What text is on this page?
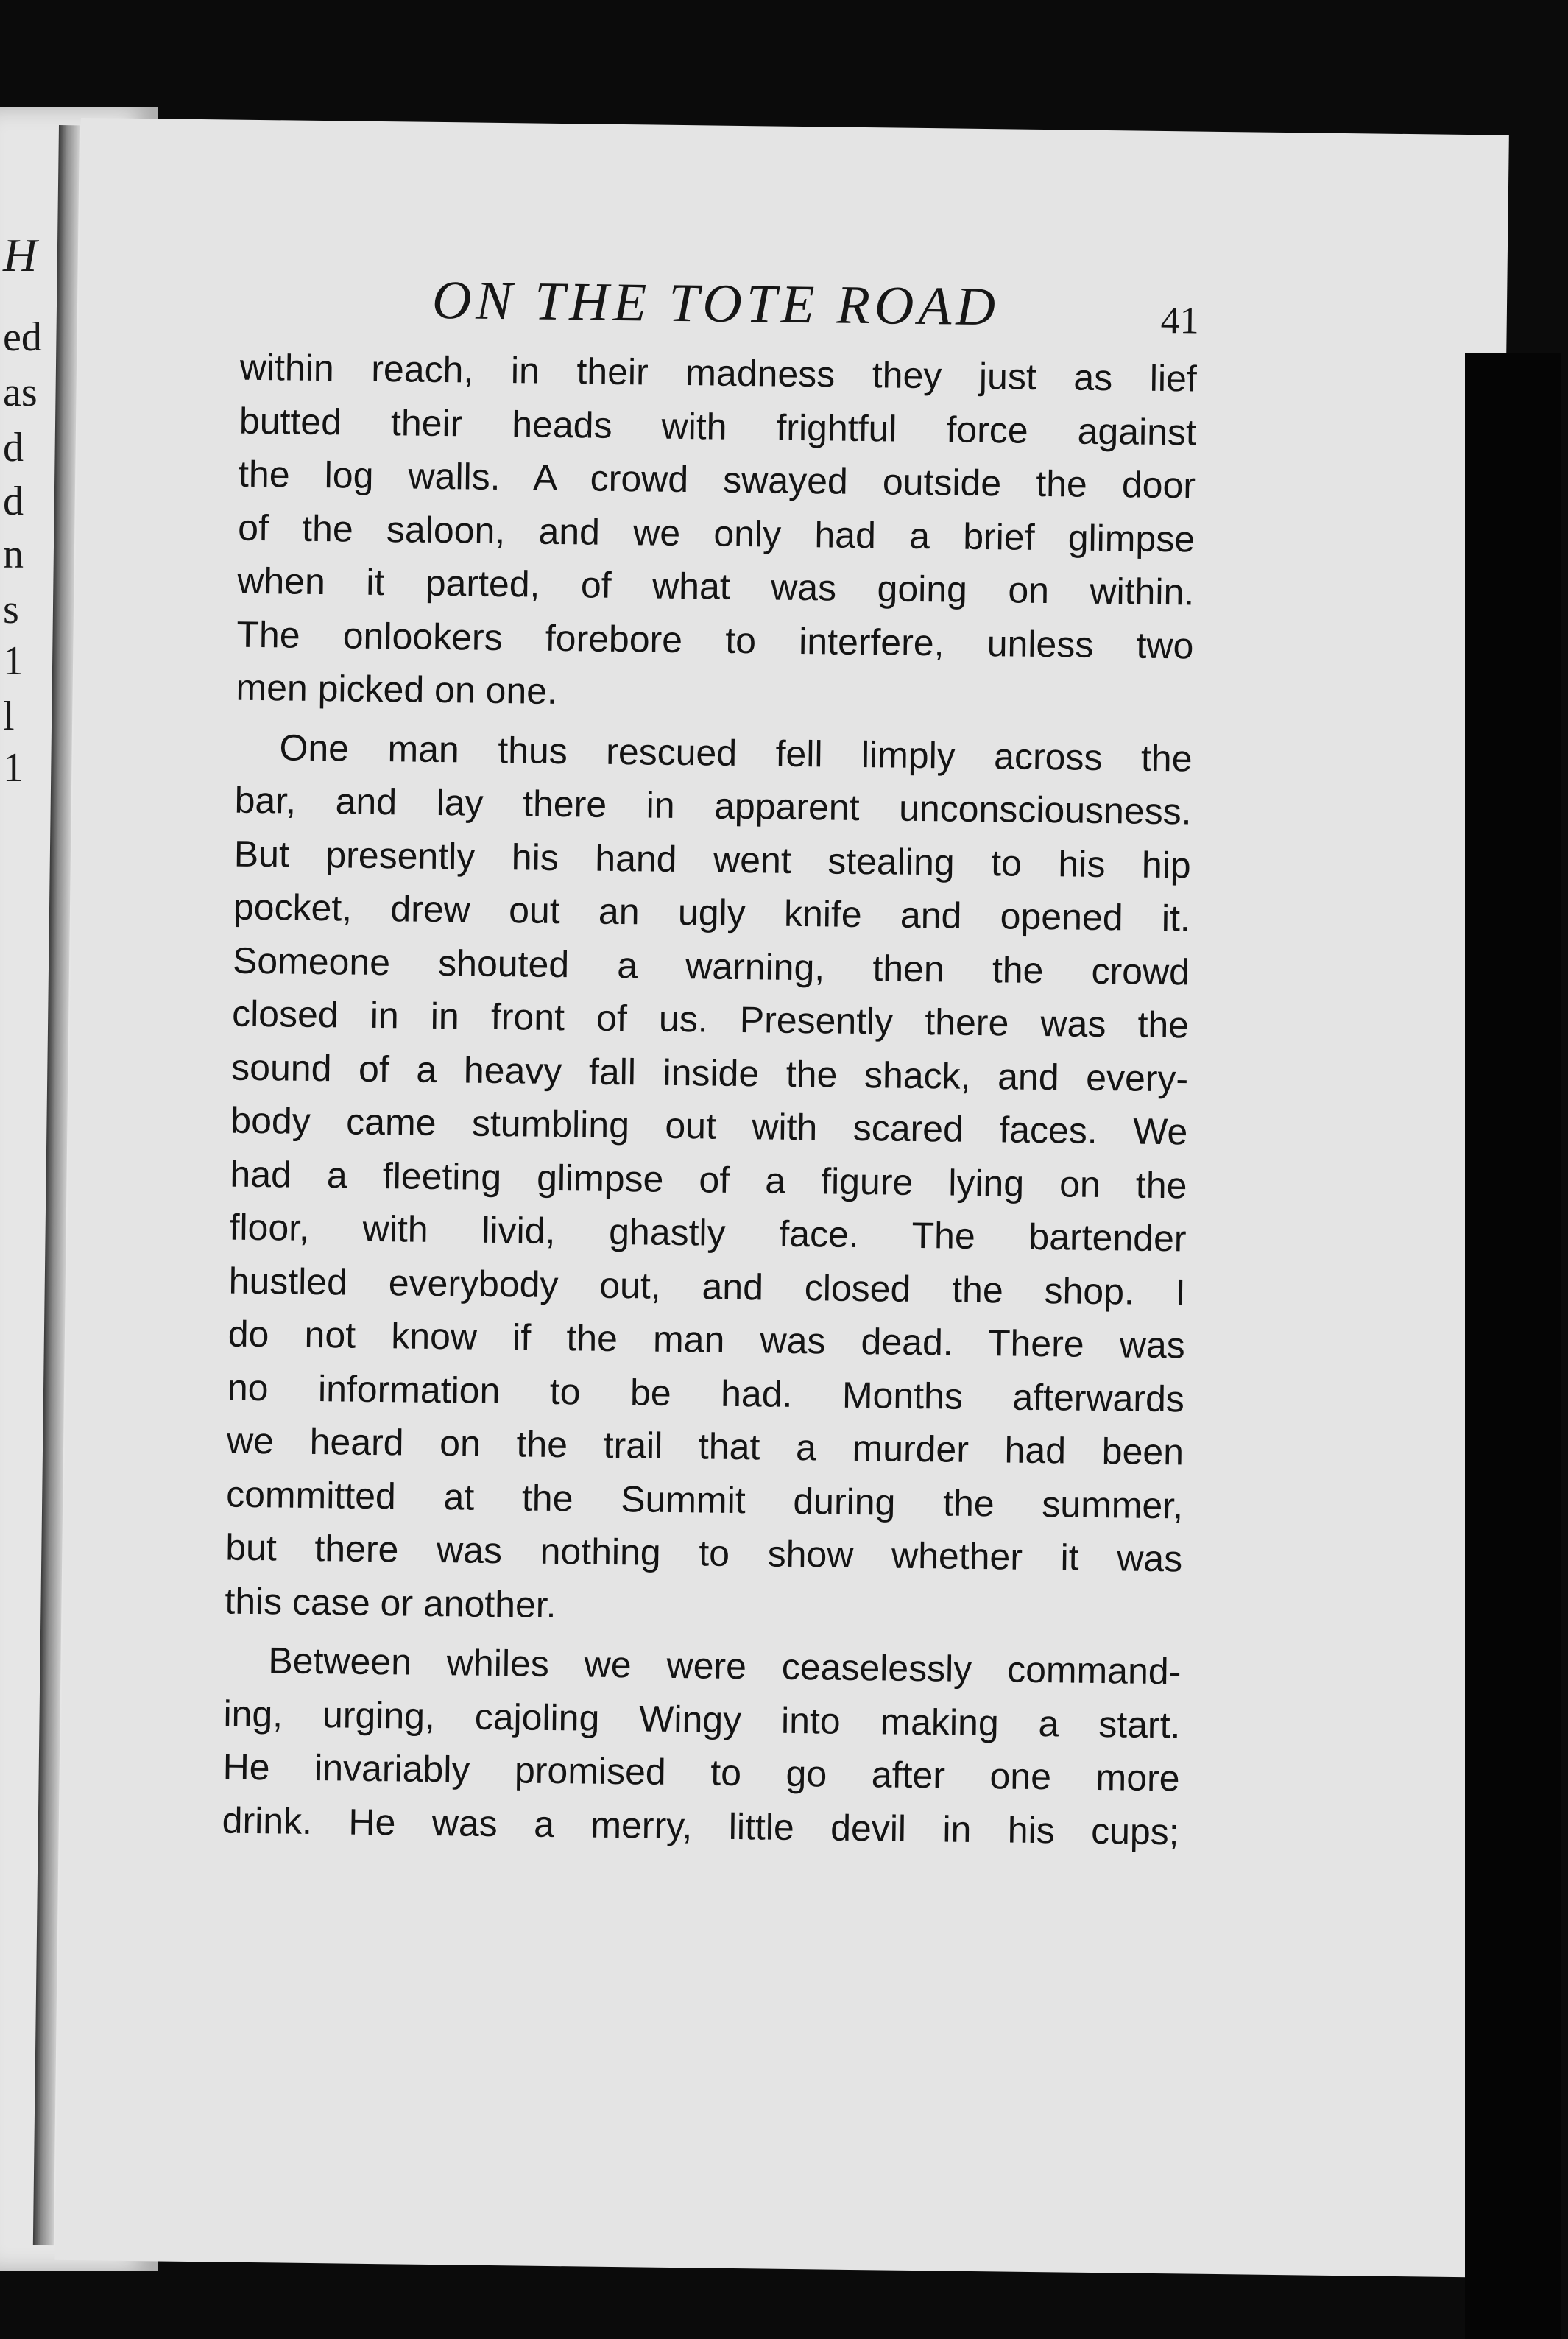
H
ed
as
d
d
n
s
1
l
1
ON THE TOTE ROAD	41
within reach, in their madness they just as lief
butted their heads with frightful force against
the log walls. A crowd swayed outside the door
of the saloon, and we only had a brief glimpse
when it parted, of what was going on within.
The onlookers forebore to interfere, unless two
men picked on one.
One man thus rescued fell limply across the
bar, and lay there in apparent unconsciousness.
But presently his hand went stealing to his hip
pocket, drew out an ugly knife and opened it.
Someone shouted a warning, then the crowd
closed in in front of us. Presently there was the
sound of a heavy fall inside the shack, and every-
body came stumbling out with scared faces. We
had a fleeting glimpse of a figure lying on the
floor, with livid, ghastly face. The bartender
hustled everybody out, and closed the shop. I
do not know if the man was dead. There was
no information to be had. Months afterwards
we heard on the trail that a murder had been
committed at the Summit during the summer,
but there was nothing to show whether it was
this case or another.
Between whiles we were ceaselessly command-
ing, urging, cajoling Wingy into making a start.
He invariably promised to go after one more
drink. He was a merry, little devil in his cups;
